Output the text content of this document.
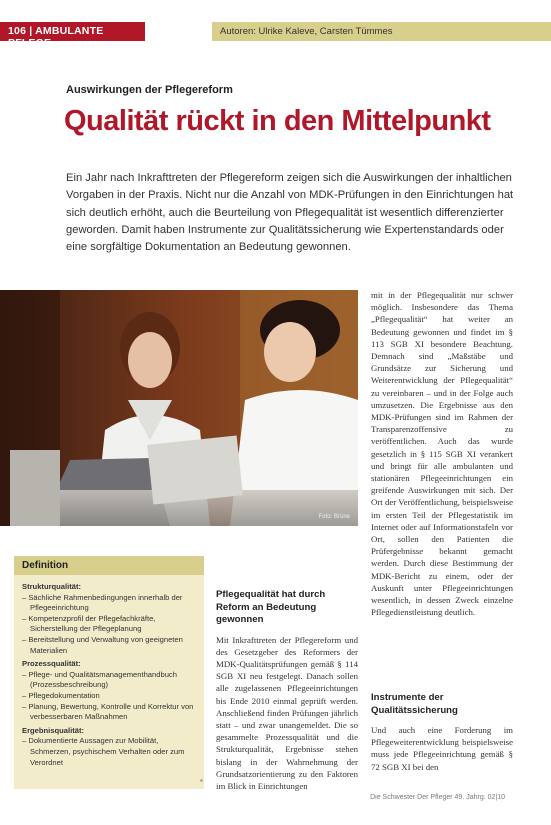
106 | AMBULANTE PFLEGE
Autoren: Ulrike Kaleve, Carsten Tümmes
Auswirkungen der Pflegereform
Qualität rückt in den Mittelpunkt

Ein Jahr nach Inkrafttreten der Pflegereform zeigen sich die Auswirkungen der inhaltlichen Vorgaben in der Praxis. Nicht nur die Anzahl von MDK-Prüfungen in den Einrichtungen hat sich deutlich erhöht, auch die Beurteilung von Pflegequalität ist wesentlich differenzierter geworden. Damit haben Instrumente zur Qualitätssicherung wie Expertenstandards oder eine sorgfältige Dokumentation an Bedeutung gewonnen.

Foto: Brüne
mit in der Pflegequalität nur schwer möglich. Insbesondere das Thema „Pflegequalität“ hat weiter an Bedeutung gewonnen und findet im § 113 SGB XI besondere Beachtung. Demnach sind „Maßstäbe und Grundsätze zur Sicherung und Weiterentwicklung der Pflegequalität“ zu vereinbaren – und in der Folge auch umzusetzen. Die Ergebnisse aus den MDK-Prüfungen sind im Rahmen der Transparenzoffensive zu veröffentlichen. Auch das wurde gesetzlich in § 115 SGB XI verankert und bringt für alle ambulanten und stationären Pflegeeinrichtungen ein greifende Auswirkungen mit sich. Der Ort der Veröffentlichung, beispielsweise im ersten Teil der Pflegestatistik im Internet oder auf Informationstafeln vor Ort, sollen den Patienten die Prüfergebnisse bekannt gemacht werden. Durch diese Bestimmung der MDK-Bericht zu einem, oder der Auskunft unter Pflegeeinrichtungen wesentlich, in dessen Zweck einzelne Pflegedienstleistung deutlich.
Definition
Strukturqualität:
– Sächliche Rahmenbedingungen innerhalb der Pflegeeinrichtung
– Kompetenzprofil der Pflegefachkräfte, Sicherstellung der Pflegeplanung
– Bereitstellung und Verwaltung von geeigneten Materialien
Prozessqualität:
– Pflege- und Qualitätsmanagementhandbuch (Prozessbeschreibung)
– Pflegedokumentation
– Planung, Bewertung, Kontrolle und Korrektur von verbesserbaren Maßnahmen
Ergebnisqualität:
– Dokumentierte Aussagen zur Mobilität, Schmerzen, psychischem Verhalten oder zum Verordnet
Pflegequalität hat durch Reform an Bedeutung gewonnen
Mit Inkrafttreten der Pflegereform und des Gesetzgeber des Reformers der MDK-Qualitätsprüfungen gemäß § 114 SGB XI neu festgelegt. Danach sollen alle zugelassenen Pflegeeinrichtungen bis Ende 2010 einmal geprüft werden. Anschließend finden Prüfungen jährlich statt – und zwar unangemeldet. Die so gesammelte Prozessqualität und die Strukturqualität, Ergebnisse stehen bislang in der Wahrnehmung der Grundsatzorientierung zu den Faktoren im Blick in Einrichtungen
Instrumente der Qualitätssicherung
Und auch eine Forderung im Pflegeweiterentwicklung beispielsweise muss jede Pflegeeinrichtung gemäß § 72 SGB XI bei den
▪
Die Schwester Der Pfleger 49. Jahrg. 02|10
